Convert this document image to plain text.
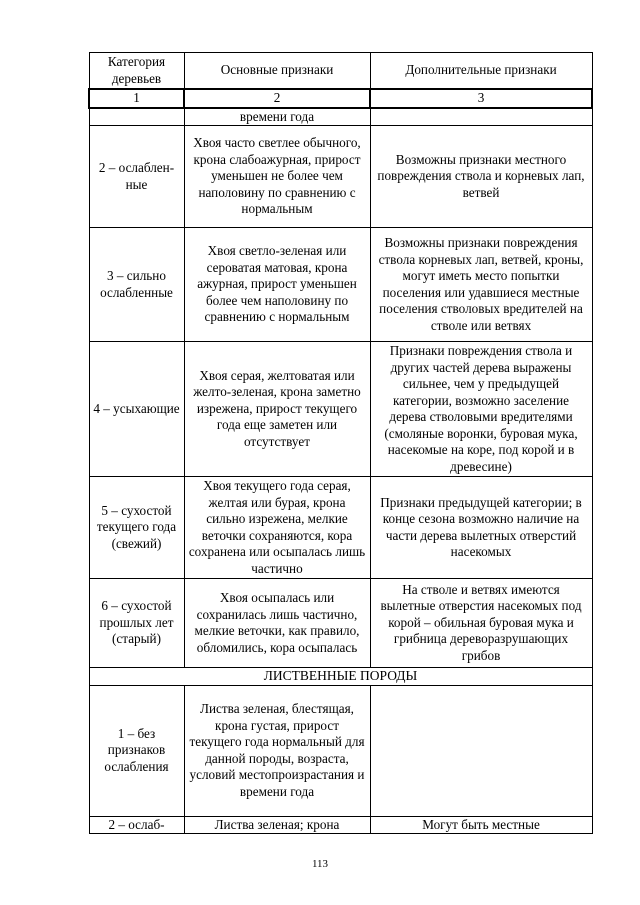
Категория деревьев	Основные признаки	Дополнительные признаки
1	2	3
	времени года	
2 – ослаблен-ные	Хвоя часто светлее обычного, крона слабоажурная, прирост уменьшен не более чем наполовину по сравнению с нормальным	Возможны признаки местного повреждения ствола и корневых лап, ветвей
3 – сильно ослабленные	Хвоя светло-зеленая или сероватая матовая, крона ажурная, прирост уменьшен более чем наполовину по сравнению с нормальным	Возможны признаки повреждения ствола корневых лап, ветвей, кроны, могут иметь место попытки поселения или удавшиеся местные поселения стволовых вредителей на стволе или ветвях
4 – усыхающие	Хвоя серая, желтоватая или желто-зеленая, крона заметно изрежена, прирост текущего года еще заметен или отсутствует	Признаки повреждения ствола и других частей дерева выражены сильнее, чем у предыдущей категории, возможно заселение дерева стволовыми вредителями (смоляные воронки, буровая мука, насекомые на коре, под корой и в древесине)
5 – сухостой текущего года (свежий)	Хвоя текущего года серая, желтая или бурая, крона сильно изрежена, мелкие веточки сохраняются, кора сохранена или осыпалась лишь частично	Признаки предыдущей категории; в конце сезона возможно наличие на части дерева вылетных отверстий насекомых
6 – сухостой прошлых лет (старый)	Хвоя осыпалась или сохранилась лишь частично, мелкие веточки, как правило, обломились, кора осыпалась	На стволе и ветвях имеются вылетные отверстия насекомых под корой – обильная буровая мука и грибница дереворазрушающих грибов
ЛИСТВЕННЫЕ ПОРОДЫ		
1 – без признаков ослабления	Листва зеленая, блестящая, крона густая, прирост текущего года нормальный для данной породы, возраста, условий местопроизрастания и времени года	
2 – ослаб-	Листва зеленая; крона	Могут быть местные
113
